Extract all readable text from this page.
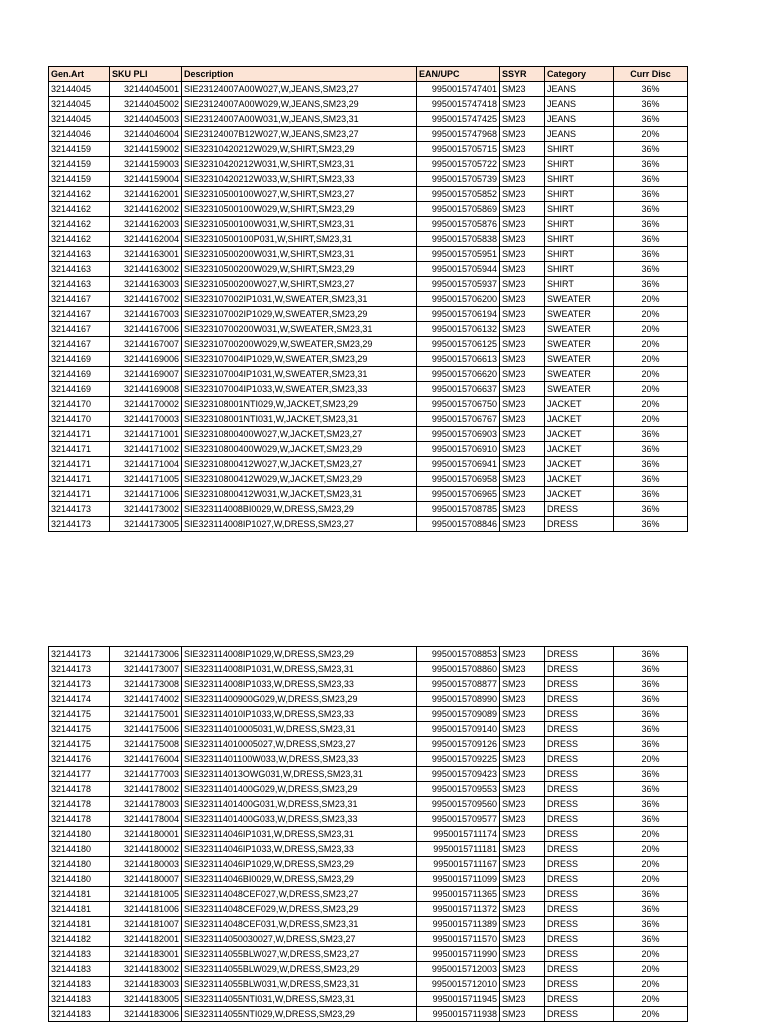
Gen.Art	SKU PLI	Description	EAN/UPC	SSYR	Category	Curr Disc
32144045	32144045001	SIE23124007A00W027,W,JEANS,SM23,27	9950015747401	SM23	JEANS	36%
32144045	32144045002	SIE23124007A00W029,W,JEANS,SM23,29	9950015747418	SM23	JEANS	36%
32144045	32144045003	SIE23124007A00W031,W,JEANS,SM23,31	9950015747425	SM23	JEANS	36%
32144046	32144046004	SIE23124007B12W027,W,JEANS,SM23,27	9950015747968	SM23	JEANS	20%
32144159	32144159002	SIE32310420212W029,W,SHIRT,SM23,29	9950015705715	SM23	SHIRT	36%
32144159	32144159003	SIE32310420212W031,W,SHIRT,SM23,31	9950015705722	SM23	SHIRT	36%
32144159	32144159004	SIE32310420212W033,W,SHIRT,SM23,33	9950015705739	SM23	SHIRT	36%
32144162	32144162001	SIE32310500100W027,W,SHIRT,SM23,27	9950015705852	SM23	SHIRT	36%
32144162	32144162002	SIE32310500100W029,W,SHIRT,SM23,29	9950015705869	SM23	SHIRT	36%
32144162	32144162003	SIE32310500100W031,W,SHIRT,SM23,31	9950015705876	SM23	SHIRT	36%
32144162	32144162004	SIE32310500100P031,W,SHIRT,SM23,31	9950015705838	SM23	SHIRT	36%
32144163	32144163001	SIE32310500200W031,W,SHIRT,SM23,31	9950015705951	SM23	SHIRT	36%
32144163	32144163002	SIE32310500200W029,W,SHIRT,SM23,29	9950015705944	SM23	SHIRT	36%
32144163	32144163003	SIE32310500200W027,W,SHIRT,SM23,27	9950015705937	SM23	SHIRT	36%
32144167	32144167002	SIE323107002IP1031,W,SWEATER,SM23,31	9950015706200	SM23	SWEATER	20%
32144167	32144167003	SIE323107002IP1029,W,SWEATER,SM23,29	9950015706194	SM23	SWEATER	20%
32144167	32144167006	SIE32310700200W031,W,SWEATER,SM23,31	9950015706132	SM23	SWEATER	20%
32144167	32144167007	SIE32310700200W029,W,SWEATER,SM23,29	9950015706125	SM23	SWEATER	20%
32144169	32144169006	SIE323107004IP1029,W,SWEATER,SM23,29	9950015706613	SM23	SWEATER	20%
32144169	32144169007	SIE323107004IP1031,W,SWEATER,SM23,31	9950015706620	SM23	SWEATER	20%
32144169	32144169008	SIE323107004IP1033,W,SWEATER,SM23,33	9950015706637	SM23	SWEATER	20%
32144170	32144170002	SIE323108001NTI029,W,JACKET,SM23,29	9950015706750	SM23	JACKET	20%
32144170	32144170003	SIE323108001NTI031,W,JACKET,SM23,31	9950015706767	SM23	JACKET	20%
32144171	32144171001	SIE32310800400W027,W,JACKET,SM23,27	9950015706903	SM23	JACKET	36%
32144171	32144171002	SIE32310800400W029,W,JACKET,SM23,29	9950015706910	SM23	JACKET	36%
32144171	32144171004	SIE32310800412W027,W,JACKET,SM23,27	9950015706941	SM23	JACKET	36%
32144171	32144171005	SIE32310800412W029,W,JACKET,SM23,29	9950015706958	SM23	JACKET	36%
32144171	32144171006	SIE32310800412W031,W,JACKET,SM23,31	9950015706965	SM23	JACKET	36%
32144173	32144173002	SIE323114008BI0029,W,DRESS,SM23,29	9950015708785	SM23	DRESS	36%
32144173	32144173005	SIE323114008IP1027,W,DRESS,SM23,27	9950015708846	SM23	DRESS	36%
32144173	32144173006	SIE323114008IP1029,W,DRESS,SM23,29	9950015708853	SM23	DRESS	36%
32144173	32144173007	SIE323114008IP1031,W,DRESS,SM23,31	9950015708860	SM23	DRESS	36%
32144173	32144173008	SIE323114008IP1033,W,DRESS,SM23,33	9950015708877	SM23	DRESS	36%
32144174	32144174002	SIE32311400900G029,W,DRESS,SM23,29	9950015708990	SM23	DRESS	36%
32144175	32144175001	SIE323114010IP1033,W,DRESS,SM23,33	9950015709089	SM23	DRESS	36%
32144175	32144175006	SIE323114010005031,W,DRESS,SM23,31	9950015709140	SM23	DRESS	36%
32144175	32144175008	SIE323114010005027,W,DRESS,SM23,27	9950015709126	SM23	DRESS	36%
32144176	32144176004	SIE32311401100W033,W,DRESS,SM23,33	9950015709225	SM23	DRESS	20%
32144177	32144177003	SIE323114013OWG031,W,DRESS,SM23,31	9950015709423	SM23	DRESS	36%
32144178	32144178002	SIE32311401400G029,W,DRESS,SM23,29	9950015709553	SM23	DRESS	36%
32144178	32144178003	SIE32311401400G031,W,DRESS,SM23,31	9950015709560	SM23	DRESS	36%
32144178	32144178004	SIE32311401400G033,W,DRESS,SM23,33	9950015709577	SM23	DRESS	36%
32144180	32144180001	SIE323114046IP1031,W,DRESS,SM23,31	9950015711174	SM23	DRESS	20%
32144180	32144180002	SIE323114046IP1033,W,DRESS,SM23,33	9950015711181	SM23	DRESS	20%
32144180	32144180003	SIE323114046IP1029,W,DRESS,SM23,29	9950015711167	SM23	DRESS	20%
32144180	32144180007	SIE323114046BI0029,W,DRESS,SM23,29	9950015711099	SM23	DRESS	20%
32144181	32144181005	SIE323114048CEF027,W,DRESS,SM23,27	9950015711365	SM23	DRESS	36%
32144181	32144181006	SIE323114048CEF029,W,DRESS,SM23,29	9950015711372	SM23	DRESS	36%
32144181	32144181007	SIE323114048CEF031,W,DRESS,SM23,31	9950015711389	SM23	DRESS	36%
32144182	32144182001	SIE323114050030027,W,DRESS,SM23,27	9950015711570	SM23	DRESS	36%
32144183	32144183001	SIE323114055BLW027,W,DRESS,SM23,27	9950015711990	SM23	DRESS	20%
32144183	32144183002	SIE323114055BLW029,W,DRESS,SM23,29	9950015712003	SM23	DRESS	20%
32144183	32144183003	SIE323114055BLW031,W,DRESS,SM23,31	9950015712010	SM23	DRESS	20%
32144183	32144183005	SIE323114055NTI031,W,DRESS,SM23,31	9950015711945	SM23	DRESS	20%
32144183	32144183006	SIE323114055NTI029,W,DRESS,SM23,29	9950015711938	SM23	DRESS	20%
